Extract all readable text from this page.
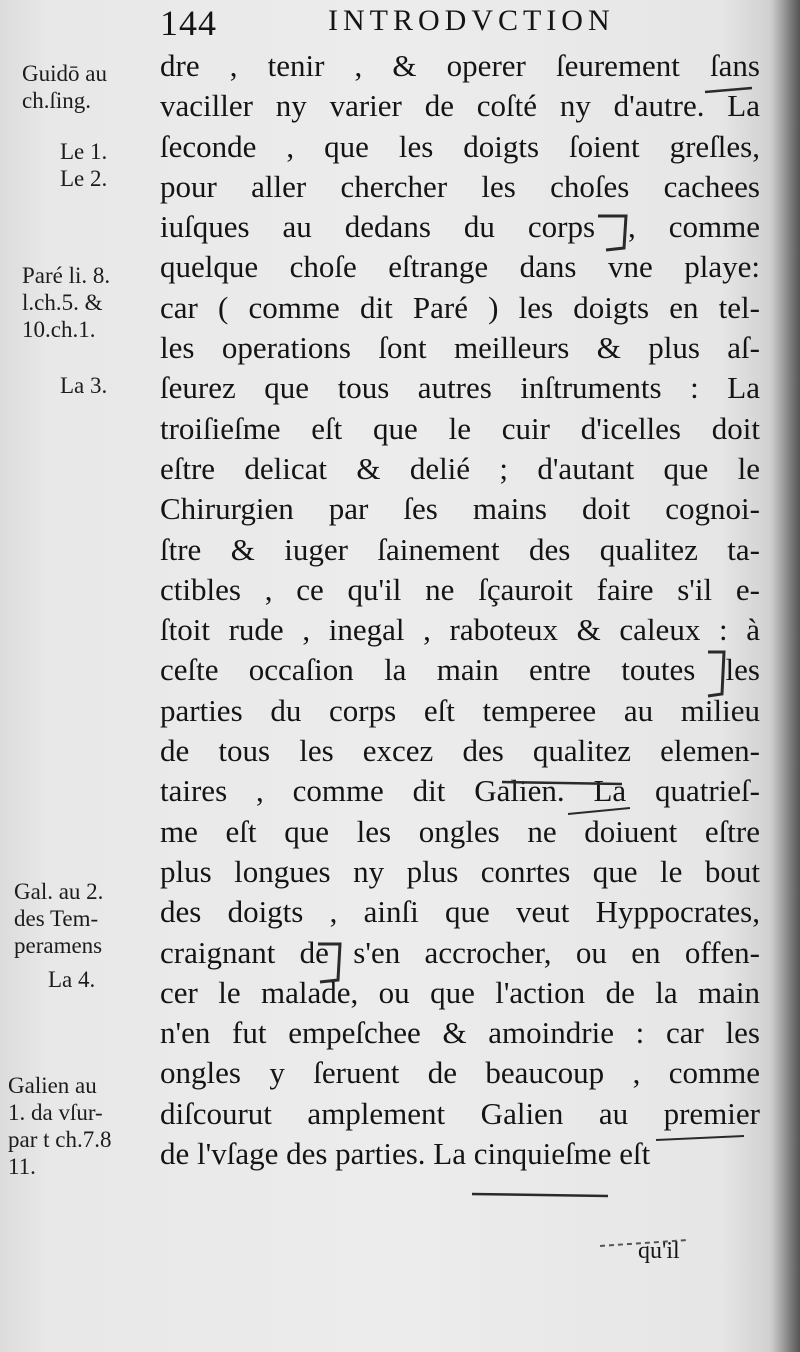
144	INTRODVCTION
dre , tenir , & operer ſeurement ſans
vaciller ny varier de coſté ny d'autre. La
ſeconde , que les doigts ſoient greſles,
pour aller chercher les choſes cachees
iuſques au dedans du corps , comme
quelque choſe eſtrange dans vne playe:
car ( comme dit Paré ) les doigts en tel-
les operations ſont meilleurs & plus aſ-
ſeurez que tous autres inſtruments : La
troiſieſme eſt que le cuir d'icelles doit
eſtre delicat & delié ; d'autant que le
Chirurgien par ſes mains doit cognoi-
ſtre & iuger ſainement des qualitez ta-
ctibles , ce qu'il ne ſçauroit faire s'il e-
ſtoit rude , inegal , raboteux & caleux : à
ceſte occaſion la main entre toutes les
parties du corps eſt temperee au milieu
de tous les excez des qualitez elemen-
taires , comme dit Galien. La quatrieſ-
me eſt que les ongles ne doiuent eſtre
plus longues ny plus conrtes que le bout
des doigts , ainſi que veut Hyppocrates,
craignant de s'en accrocher, ou en offen-
cer le malade, ou que l'action de la main
n'en fut empeſchee & amoindrie : car les
ongles y ſeruent de beaucoup , comme
diſcourut amplement Galien au premier
de l'vſage des parties. La cinquieſme eſt
qu'il
Guidō au
ch.ſing.
Le 1.
Le 2.
Paré li. 8.
l.ch.5. &
10.ch.1.
La 3.
Gal. au 2.
des Tem-
peramens
La 4.
Galien au
1. da vſur-
par t ch.7.8
11.
